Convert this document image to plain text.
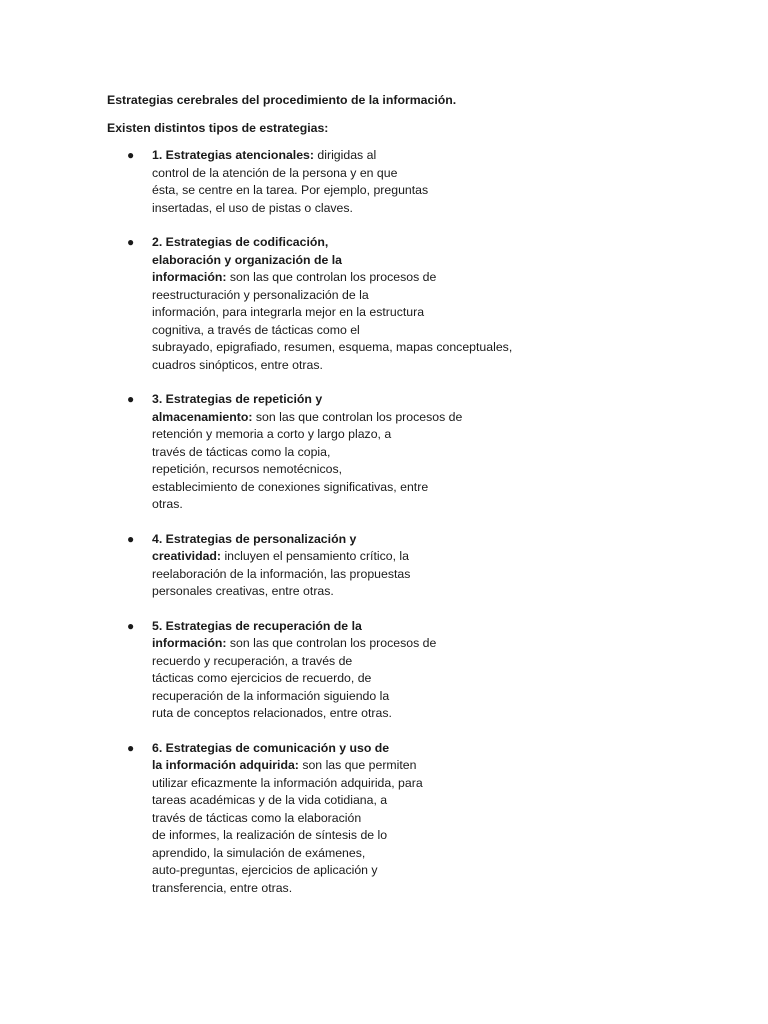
Estrategias cerebrales del procedimiento de la información.

Existen distintos tipos de estrategias:

● 1. Estrategias atencionales: dirigidas al
control de la atención de la persona y en que
ésta, se centre en la tarea. Por ejemplo, preguntas
insertadas, el uso de pistas o claves.
● 2. Estrategias de codificación,
elaboración y organización de la
información: son las que controlan los procesos de
reestructuración y personalización de la
información, para integrarla mejor en la estructura
cognitiva, a través de tácticas como el
subrayado, epigrafiado, resumen, esquema, mapas conceptuales,
cuadros sinópticos, entre otras.
● 3. Estrategias de repetición y
almacenamiento: son las que controlan los procesos de
retención y memoria a corto y largo plazo, a
través de tácticas como la copia,
repetición, recursos nemotécnicos,
establecimiento de conexiones significativas, entre
otras.
● 4. Estrategias de personalización y
creatividad: incluyen el pensamiento crítico, la
reelaboración de la información, las propuestas
personales creativas, entre otras.
● 5. Estrategias de recuperación de la
información: son las que controlan los procesos de
recuerdo y recuperación, a través de
tácticas como ejercicios de recuerdo, de
recuperación de la información siguiendo la
ruta de conceptos relacionados, entre otras.
● 6. Estrategias de comunicación y uso de
la información adquirida: son las que permiten
utilizar eficazmente la información adquirida, para
tareas académicas y de la vida cotidiana, a
través de tácticas como la elaboración
de informes, la realización de síntesis de lo
aprendido, la simulación de exámenes,
auto-preguntas, ejercicios de aplicación y
transferencia, entre otras.
